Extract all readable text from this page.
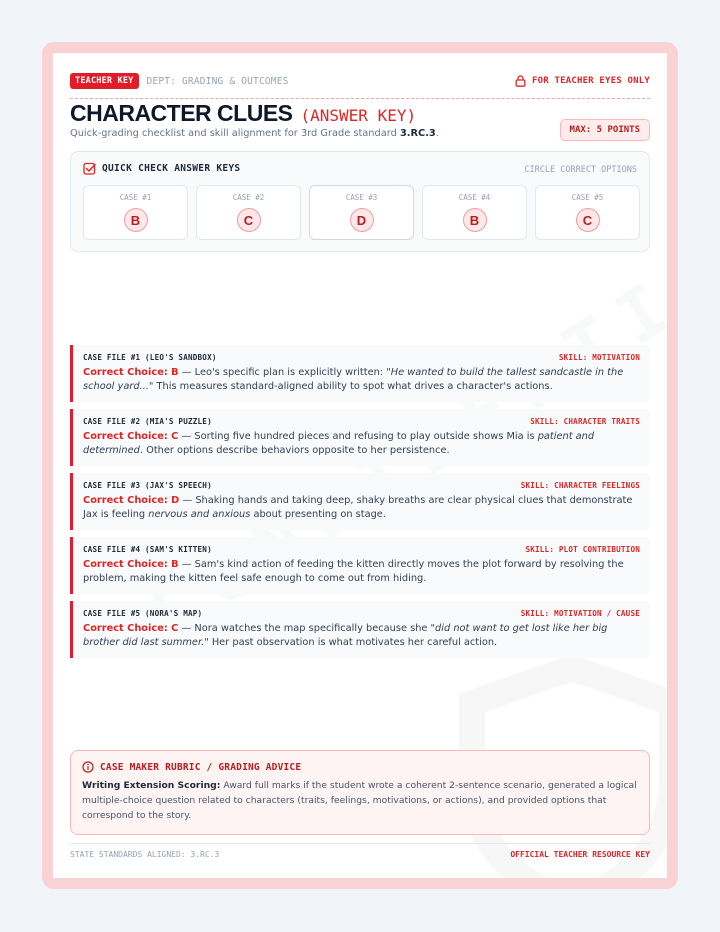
TEACHER KEY	DEPT: GRADING & OUTCOMES	FOR TEACHER EYES ONLY
CHARACTER CLUES (ANSWER KEY)
Quick-grading checklist and skill alignment for 3rd Grade standard 3.RC.3.	MAX: 5 POINTS
QUICK CHECK ANSWER KEYS	CIRCLE CORRECT OPTIONS
CASE #1
B
CASE #2
C
CASE #3
D
CASE #4
B
CASE #5
C
CASE FILE #1 (LEO'S SANDBOX)	SKILL: MOTIVATION
Correct Choice: B — Leo's specific plan is explicitly written: "He wanted to build the tallest sandcastle in the school yard..." This measures standard-aligned ability to spot what drives a character's actions.
CASE FILE #2 (MIA'S PUZZLE)	SKILL: CHARACTER TRAITS
Correct Choice: C — Sorting five hundred pieces and refusing to play outside shows Mia is patient and determined. Other options describe behaviors opposite to her persistence.
CASE FILE #3 (JAX'S SPEECH)	SKILL: CHARACTER FEELINGS
Correct Choice: D — Shaking hands and taking deep, shaky breaths are clear physical clues that demonstrate Jax is feeling nervous and anxious about presenting on stage.
CASE FILE #4 (SAM'S KITTEN)	SKILL: PLOT CONTRIBUTION
Correct Choice: B — Sam's kind action of feeding the kitten directly moves the plot forward by resolving the problem, making the kitten feel safe enough to come out from hiding.
CASE FILE #5 (NORA'S MAP)	SKILL: MOTIVATION / CAUSE
Correct Choice: C — Nora watches the map specifically because she "did not want to get lost like her big brother did last summer." Her past observation is what motivates her careful action.
CASE MAKER RUBRIC / GRADING ADVICE
Writing Extension Scoring: Award full marks if the student wrote a coherent 2-sentence scenario, generated a logical multiple-choice question related to characters (traits, feelings, motivations, or actions), and provided options that correspond to the story.
STATE STANDARDS ALIGNED: 3.RC.3	OFFICIAL TEACHER RESOURCE KEY
